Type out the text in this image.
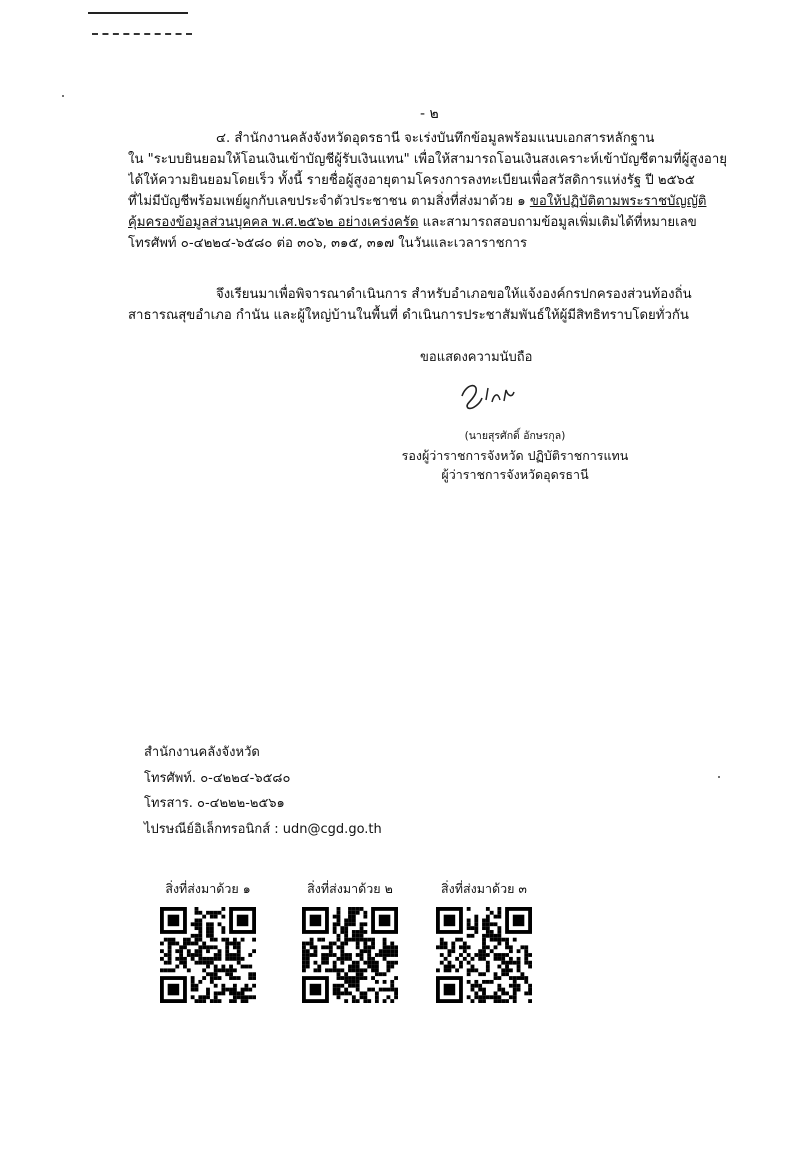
- ๒
๔. สำนักงานคลังจังหวัดอุดรธานี จะเร่งบันทึกข้อมูลพร้อมแนบเอกสารหลักฐาน
ใน "ระบบยินยอมให้โอนเงินเข้าบัญชีผู้รับเงินแทน" เพื่อให้สามารถโอนเงินสงเคราะห์เข้าบัญชีตามที่ผู้สูงอายุ
ได้ให้ความยินยอมโดยเร็ว ทั้งนี้ รายชื่อผู้สูงอายุตามโครงการลงทะเบียนเพื่อสวัสดิการแห่งรัฐ ปี ๒๕๖๕
ที่ไม่มีบัญชีพร้อมเพย์ผูกกับเลขประจำตัวประชาชน ตามสิ่งที่ส่งมาด้วย ๑ ขอให้ปฏิบัติตามพระราชบัญญัติ
คุ้มครองข้อมูลส่วนบุคคล พ.ศ.๒๕๖๒ อย่างเคร่งครัด และสามารถสอบถามข้อมูลเพิ่มเติมได้ที่หมายเลข
โทรศัพท์ ๐-๔๒๒๔-๖๕๘๐ ต่อ ๓๐๖, ๓๑๕, ๓๑๗ ในวันและเวลาราชการ
จึงเรียนมาเพื่อพิจารณาดำเนินการ สำหรับอำเภอขอให้แจ้งองค์กรปกครองส่วนท้องถิ่น
สาธารณสุขอำเภอ กำนัน และผู้ใหญ่บ้านในพื้นที่ ดำเนินการประชาสัมพันธ์ให้ผู้มีสิทธิทราบโดยทั่วกัน
ขอแสดงความนับถือ
(นายสุรศักดิ์ อักษรกุล)
รองผู้ว่าราชการจังหวัด ปฏิบัติราชการแทน
ผู้ว่าราชการจังหวัดอุดรธานี
สำนักงานคลังจังหวัด
โทรศัพท์. ๐-๔๒๒๔-๖๕๘๐
โทรสาร. ๐-๔๒๒๒-๒๕๖๑
ไปรษณีย์อิเล็กทรอนิกส์ : udn@cgd.go.th
สิ่งที่ส่งมาด้วย ๑	สิ่งที่ส่งมาด้วย ๒	สิ่งที่ส่งมาด้วย ๓
